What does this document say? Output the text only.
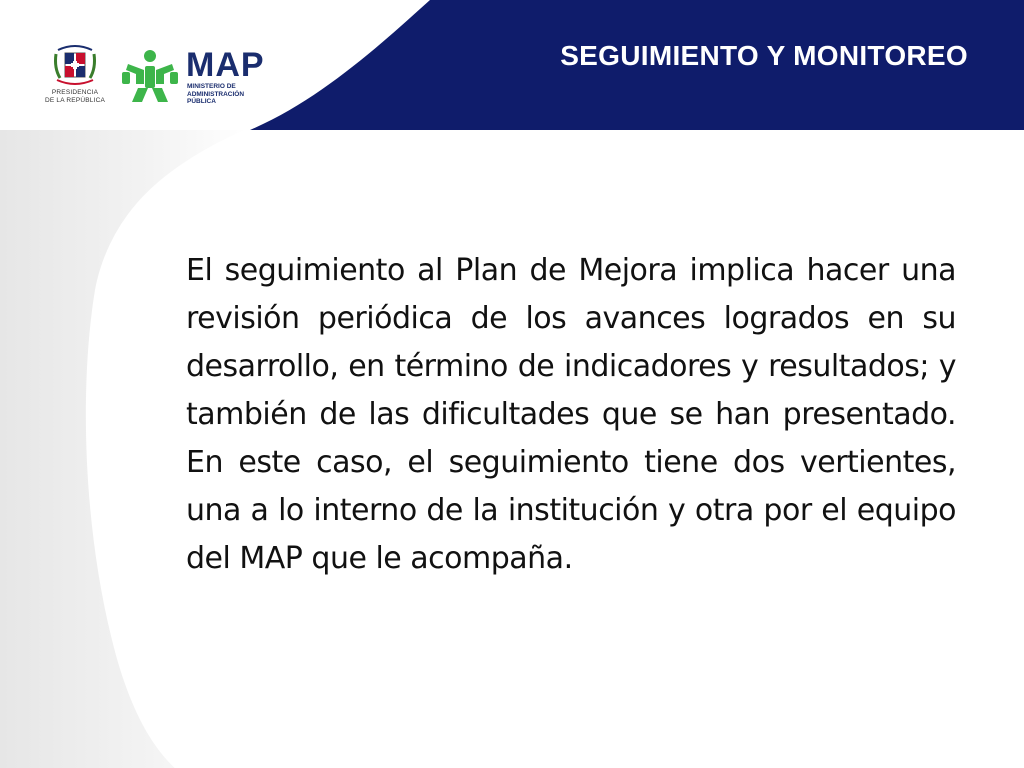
PRESIDENCIA
DE LA REPÚBLICA
MAP
MINISTERIO DE
ADMINISTRACIÓN
PÚBLICA
SEGUIMIENTO Y MONITOREO
El seguimiento al Plan de Mejora implica hacer una revisión periódica de los avances logrados en su desarrollo, en término de indicadores y resultados; y también de las dificultades que se han presentado. En este caso, el seguimiento tiene dos vertientes, una a lo interno de la institución y otra por el equipo del MAP que le acompaña.
